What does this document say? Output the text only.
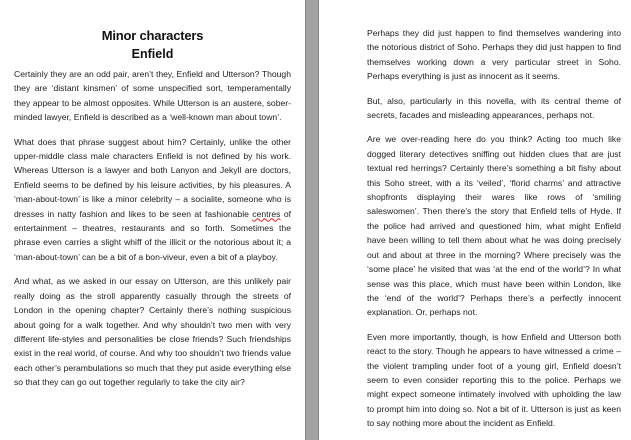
Minor characters
Enfield

Certainly they are an odd pair, aren’t they, Enfield and Utterson? Though they are ‘distant kinsmen’ of some unspecified sort, temperamentally they appear to be almost opposites. While Utterson is an austere, sober-minded lawyer, Enfield is described as a ‘well-known man about town’.

What does that phrase suggest about him? Certainly, unlike the other upper-middle class male characters Enfield is not defined by his work. Whereas Utterson is a lawyer and both Lanyon and Jekyll are doctors, Enfield seems to be defined by his leisure activities, by his pleasures. A ‘man-about-town’ is like a minor celebrity – a socialite, someone who is dresses in natty fashion and likes to be seen at fashionable centres of entertainment – theatres, restaurants and so forth. Sometimes the phrase even carries a slight whiff of the illicit or the notorious about it; a ‘man-about-town’ can be a bit of a bon-viveur, even a bit of a playboy.

And what, as we asked in our essay on Utterson, are this unlikely pair really doing as the stroll apparently casually through the streets of London in the opening chapter? Certainly there’s nothing suspicious about going for a walk together. And why shouldn’t two men with very different life-styles and personalities be close friends? Such friendships exist in the real world, of course. And why too shouldn’t two friends value each other’s perambulations so much that they put aside everything else so that they can go out together regularly to take the city air?

Perhaps they did just happen to find themselves wandering into the notorious district of Soho. Perhaps they did just happen to find themselves working down a very particular street in Soho. Perhaps everything is just as innocent as it seems.

But, also, particularly in this novella, with its central theme of secrets, facades and misleading appearances, perhaps not.

Are we over-reading here do you think? Acting too much like dogged literary detectives sniffing out hidden clues that are just textual red herrings? Certainly there’s something a bit fishy about this Soho street, with a its ‘veiled’, ‘florid charms’ and attractive shopfronts displaying their wares like rows of ‘smiling saleswomen’. Then there’s the story that Enfield tells of Hyde. If the police had arrived and questioned him, what might Enfield have been willing to tell them about what he was doing precisely out and about at three in the morning? Where precisely was the ‘some place’ he visited that was ‘at the end of the world’? In what sense was this place, which must have been within London, like the ‘end of the world’? Perhaps there’s a perfectly innocent explanation. Or, perhaps not.

Even more importantly, though, is how Enfield and Utterson both react to the story. Though he appears to have witnessed a crime – the violent trampling under foot of a young girl, Enfield doesn’t seem to even consider reporting this to the police. Perhaps we might expect someone intimately involved with upholding the law to prompt him into doing so. Not a bit of it. Utterson is just as keen to say nothing more about the incident as Enfield.
